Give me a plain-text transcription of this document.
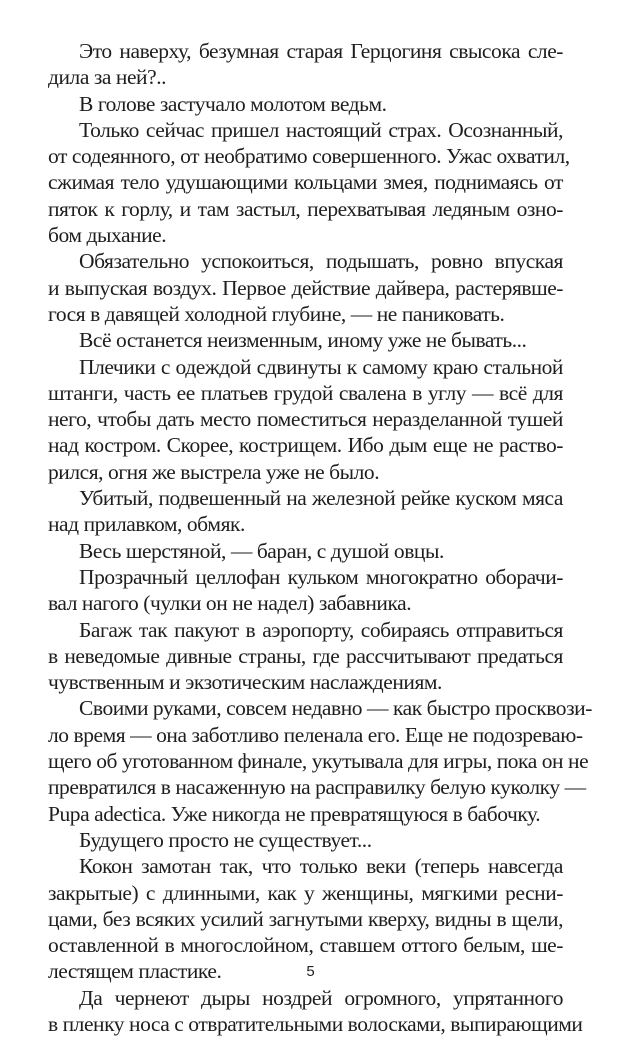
Это наверху, безумная старая Герцогиня свысока сле-
дила за ней?..
В голове застучало молотом ведьм.
Только сейчас пришел настоящий страх. Осознанный,
от содеянного, от необратимо совершенного. Ужас охватил,
сжимая тело удушающими кольцами змея, поднимаясь от
пяток к горлу, и там застыл, перехватывая ледяным озно-
бом дыхание.
Обязательно успокоиться, подышать, ровно впуская
и выпуская воздух. Первое действие дайвера, растерявше-
гося в давящей холодной глубине, — не паниковать.
Всё останется неизменным, иному уже не бывать...
Плечики с одеждой сдвинуты к самому краю стальной
штанги, часть ее платьев грудой свалена в углу — всё для
него, чтобы дать место поместиться неразделанной тушей
над костром. Скорее, кострищем. Ибо дым еще не раство-
рился, огня же выстрела уже не было.
Убитый, подвешенный на железной рейке куском мяса
над прилавком, обмяк.
Весь шерстяной, — баран, с душой овцы.
Прозрачный целлофан кульком многократно оборачи-
вал нагого (чулки он не надел) забавника.
Багаж так пакуют в аэропорту, собираясь отправиться
в неведомые дивные страны, где рассчитывают предаться
чувственным и экзотическим наслаждениям.
Своими руками, совсем недавно — как быстро просквози-
ло время — она заботливо пеленала его. Еще не подозреваю-
щего об уготованном финале, укутывала для игры, пока он не
превратился в насаженную на расправилку белую куколку —
Pupa adectica. Уже никогда не превратящуюся в бабочку.
Будущего просто не существует...
Кокон замотан так, что только веки (теперь навсегда
закрытые) с длинными, как у женщины, мягкими ресни-
цами, без всяких усилий загнутыми кверху, видны в щели,
оставленной в многослойном, ставшем оттого белым, ше-
лестящем пластике.
Да чернеют дыры ноздрей огромного, упрятанного
в пленку носа с отвратительными волосками, выпирающими
5
